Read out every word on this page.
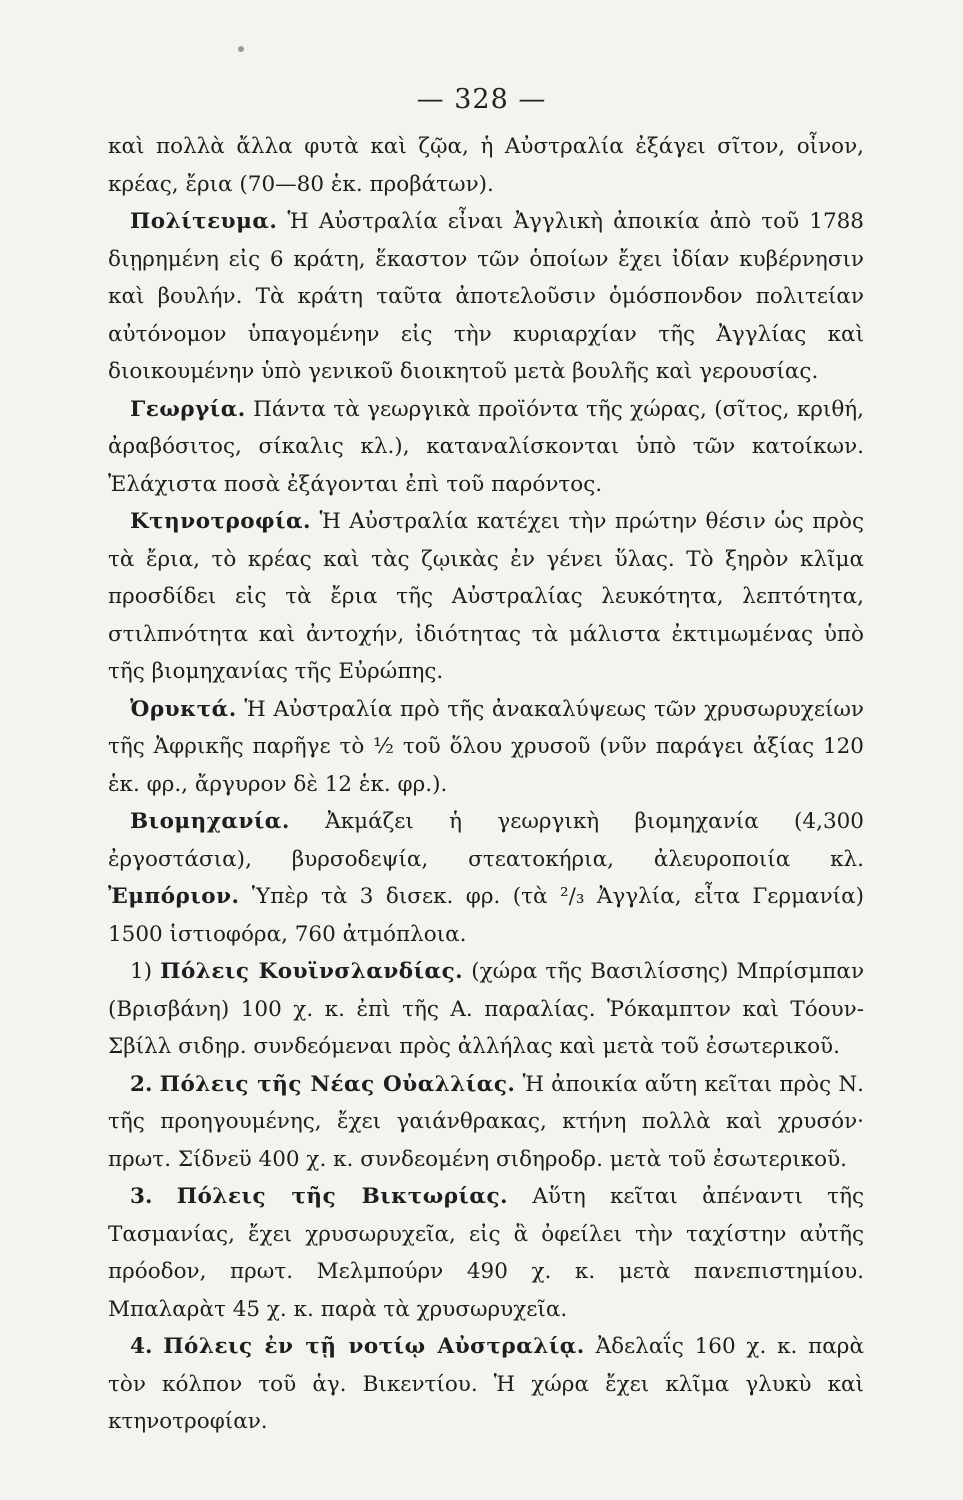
— 328 —

καὶ πολλὰ ἄλλα φυτὰ καὶ ζῷα, ἡ Αὐστραλία ἐξάγει σῖτον, οἶνον, κρέας, ἔρια (70—80 ἑκ. προβάτων).

Πολίτευμα. Ἡ Αὐστραλία εἶναι Ἀγγλικὴ ἀποικία ἀπὸ τοῦ 1788 διῃρημένη εἰς 6 κράτη, ἕκαστον τῶν ὁποίων ἔχει ἰδίαν κυβέρνησιν καὶ βουλήν. Τὰ κράτη ταῦτα ἀποτελοῦσιν ὁμόσπονδον πολιτείαν αὐτόνομον ὑπαγομένην εἰς τὴν κυριαρχίαν τῆς Ἀγγλίας καὶ διοικουμένην ὑπὸ γενικοῦ διοικητοῦ μετὰ βουλῆς καὶ γερουσίας.

Γεωργία. Πάντα τὰ γεωργικὰ προϊόντα τῆς χώρας, (σῖτος, κριθή, ἀραβόσιτος, σίκαλις κλ.), καταναλίσκονται ὑπὸ τῶν κατοίκων. Ἐλάχιστα ποσὰ ἐξάγονται ἐπὶ τοῦ παρόντος.

Κτηνοτροφία. Ἡ Αὐστραλία κατέχει τὴν πρώτην θέσιν ὡς πρὸς τὰ ἔρια, τὸ κρέας καὶ τὰς ζῳικὰς ἐν γένει ὕλας. Τὸ ξηρὸν κλῖμα προσδίδει εἰς τὰ ἔρια τῆς Αὐστραλίας λευκότητα, λεπτότητα, στιλπνότητα καὶ ἀντοχήν, ἰδιότητας τὰ μάλιστα ἐκτιμωμένας ὑπὸ τῆς βιομηχανίας τῆς Εὐρώπης.

Ὀρυκτά. Ἡ Αὐστραλία πρὸ τῆς ἀνακαλύψεως τῶν χρυσωρυχείων τῆς Ἀφρικῆς παρῆγε τὸ ½ τοῦ ὅλου χρυσοῦ (νῦν παράγει ἀξίας 120 ἑκ. φρ., ἄργυρον δὲ 12 ἑκ. φρ.).

Βιομηχανία. Ἀκμάζει ἡ γεωργικὴ βιομηχανία (4,300 ἐργοστάσια), βυρσοδεψία, στεατοκήρια, ἀλευροποιία κλ. Ἐμπόριον. Ὑπὲρ τὰ 3 δισεκ. φρ. (τὰ ²/₃ Ἀγγλία, εἶτα Γερμανία) 1500 ἱστιοφόρα, 760 ἀτμόπλοια.

1) Πόλεις Κουϊνσλανδίας. (χώρα τῆς Βασιλίσσης) Μπρίσμπαν (Βρισβάνη) 100 χ. κ. ἐπὶ τῆς Α. παραλίας. Ῥόκαμπτον καὶ Τόουν-Σβίλλ σιδηρ. συνδεόμεναι πρὸς ἀλλήλας καὶ μετὰ τοῦ ἐσωτερικοῦ.

2. Πόλεις τῆς Νέας Οὐαλλίας. Ἡ ἀποικία αὕτη κεῖται πρὸς Ν. τῆς προηγουμένης, ἔχει γαιάνθρακας, κτήνη πολλὰ καὶ χρυσόν· πρωτ. Σίδνεϋ 400 χ. κ. συνδεομένη σιδηροδρ. μετὰ τοῦ ἐσωτερικοῦ.

3. Πόλεις τῆς Βικτωρίας. Αὕτη κεῖται ἀπέναντι τῆς Τασμανίας, ἔχει χρυσωρυχεῖα, εἰς ἃ ὀφείλει τὴν ταχίστην αὐτῆς πρόοδον, πρωτ. Μελμπούρν 490 χ. κ. μετὰ πανεπιστημίου. Μπαλαρὰτ 45 χ. κ. παρὰ τὰ χρυσωρυχεῖα.

4. Πόλεις ἐν τῇ νοτίῳ Αὐστραλίᾳ. Ἀδελαΐς 160 χ. κ. παρὰ τὸν κόλπον τοῦ ἁγ. Βικεντίου. Ἡ χώρα ἔχει κλῖμα γλυκὺ καὶ κτηνοτροφίαν.
